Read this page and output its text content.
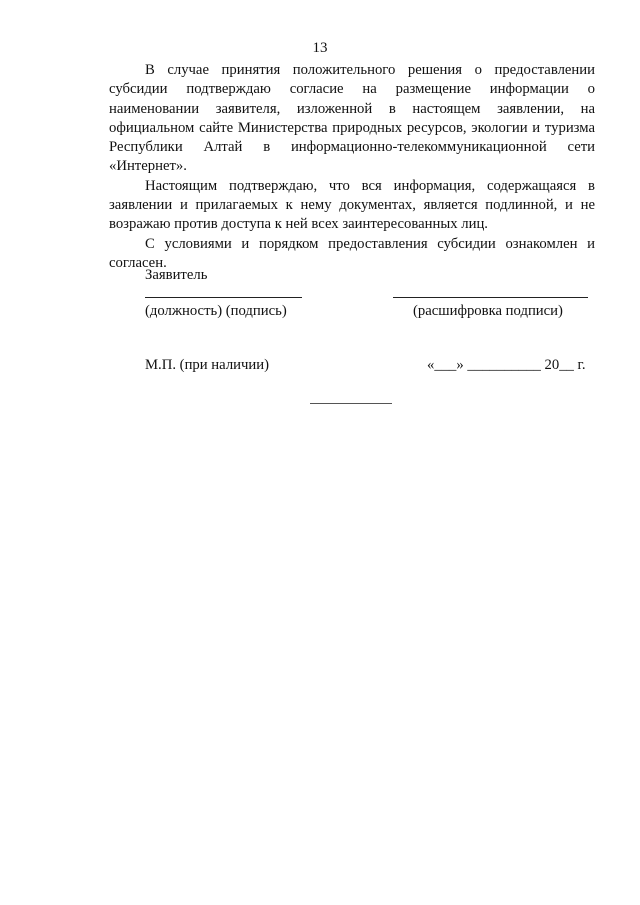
13

В случае принятия положительного решения о предоставлении субсидии подтверждаю согласие на размещение информации о наименовании заявителя, изложенной в настоящем заявлении, на официальном сайте Министерства природных ресурсов, экологии и туризма Республики Алтай в информационно-телекоммуникационной сети «Интернет».

Настоящим подтверждаю, что вся информация, содержащаяся в заявлении и прилагаемых к нему документах, является подлинной, и не возражаю против доступа к ней всех заинтересованных лиц.

С условиями и порядком предоставления субсидии ознакомлен и согласен.

Заявитель
(должность) (подпись)	(расшифровка подписи)
М.П. (при наличии)	«___» __________ 20__ г.
